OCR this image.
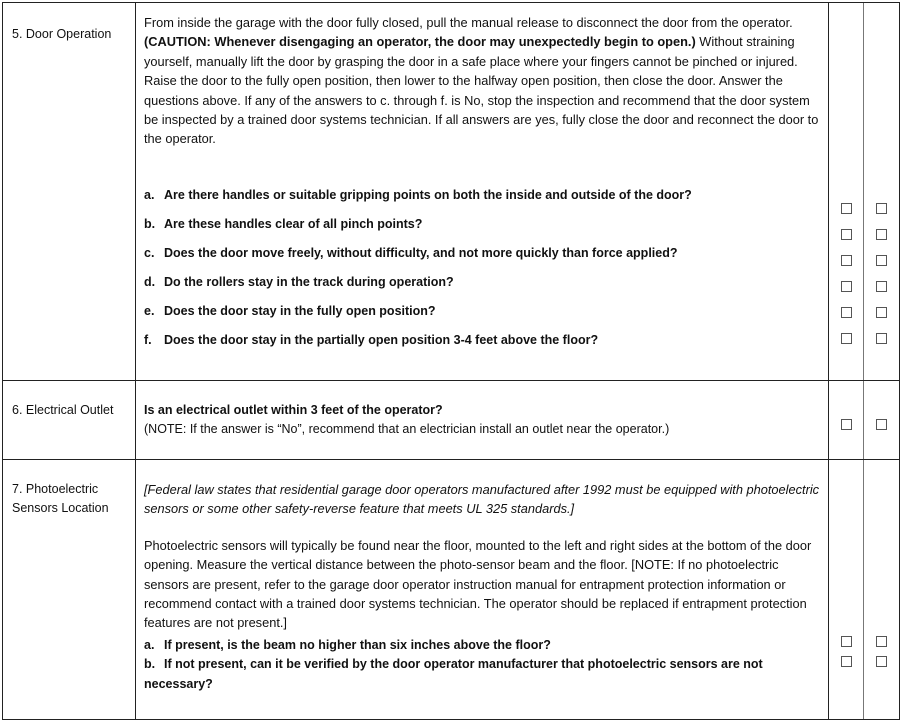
5. Door Operation
From inside the garage with the door fully closed, pull the manual release to disconnect the door from the operator. (CAUTION: Whenever disengaging an operator, the door may unexpectedly begin to open.) Without straining yourself, manually lift the door by grasping the door in a safe place where your fingers cannot be pinched or injured. Raise the door to the fully open position, then lower to the halfway open position, then close the door. Answer the questions above. If any of the answers to c. through f. is No, stop the inspection and recommend that the door system be inspected by a trained door systems technician. If all answers are yes, fully close the door and reconnect the door to the operator.
a. Are there handles or suitable gripping points on both the inside and outside of the door?
b. Are these handles clear of all pinch points?
c. Does the door move freely, without difficulty, and not more quickly than force applied?
d. Do the rollers stay in the track during operation?
e. Does the door stay in the fully open position?
f. Does the door stay in the partially open position 3-4 feet above the floor?
6. Electrical Outlet	Is an electrical outlet within 3 feet of the operator?
(NOTE: If the answer is “No”, recommend that an electrician install an outlet near the operator.)
7. Photoelectric
Sensors Location
[Federal law states that residential garage door operators manufactured after 1992 must be equipped with photoelectric sensors or some other safety-reverse feature that meets UL 325 standards.]
Photoelectric sensors will typically be found near the floor, mounted to the left and right sides at the bottom of the door opening. Measure the vertical distance between the photo-sensor beam and the floor. [NOTE: If no photoelectric sensors are present, refer to the garage door operator instruction manual for entrapment protection information or recommend contact with a trained door systems technician. The operator should be replaced if entrapment protection features are not present.]
a. If present, is the beam no higher than six inches above the floor?
b. If not present, can it be verified by the door operator manufacturer that photoelectric sensors are not necessary?
